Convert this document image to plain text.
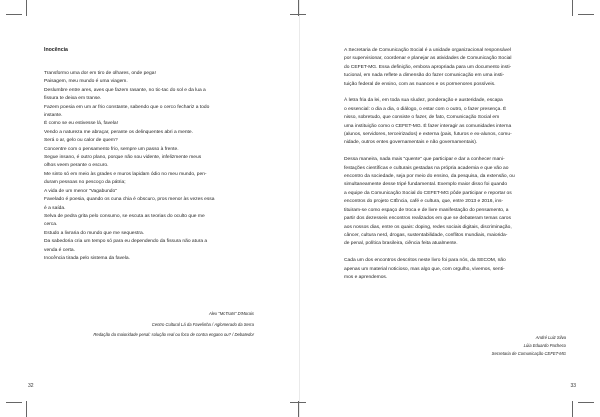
Inocência
Transformo uma dor em tiro de olhares, onde pega!
Paisagem, meu mundo é uma viagem.
Deslumbre entre ares, aves que fazem rasante, no tic-tac do sol e da lua a
fissura te deixa em transe.
Fazem poesia em um ar frio constante, sabendo que o cerco fechariz a todo
instante.
É como se eu estivesse lá, favela!
Vendo a natureza me abraçar, perante os delinquentes abri a mente.
Será o ar, gelo ou calor de quem?
Concentre com o pensamento frio, sempre um passo à frente.
Segue insano, é outro plano, porque não sou vidente, infelizmente meus
olhos veem perante o escuro.
Me sinto só em meio às grades e muros lapidam ódio no meu mundo, pen-
duram pessoas no pescoço da pátria;
A vida de um menor "Vagabundo"
Favelado é poesia, quando os cuna chia é obscuro, pros menor às vezes essa
é a saída.
Selva de pedra grita pelo consumo, se escuta as teorias do oculto que me
cerca.
Estudo a livraria do mundo que me sequestra.
Da sabedoria cria um tempo só para eu dependendo da fissura não atura a
venda é certa.
Inocência tirada pelo sistema da favela.
Alex "McTsaN" D'Morais
Centro Cultural Lá da Favelinha / Aglomerado da Serra
Redação da maioridade penal: solução real ou foco de contra engano ou? / Debatedor
32
A Secretaria de Comunicação Social é a unidade organizacional responsável
por supervisionar, coordenar e planejar as atividades de Comunicação Social
do CEFET-MG. Essa definição, embora apropriada para um documento insti-
tucional, em nada reflete a dimensão do fazer comunicação em uma insti-
tuição federal de ensino, com as nuances e os pormenores possíveis.
À letra fria da lei, em toda sua síudez, ponderação e austeridade, escapa
o essencial: o dia a dia, o diálogo, o estar com o outro, o fazer presença. É
nisso, sobretudo, que consiste o fazer, de fato, Comunicação Social em
uma instituição como o CEFET-MG. É fazer interagir as comunidades interna
(alunos, servidores, terceirizados) e externa (pais, futuros e ex-alunos, comu-
nidade, outros entes governamentais e não governamentais).
Dessa maneira, nada mais "quente" que participar e dar a conhecer mani-
festações científicas e culturais gestadas na própria academia e que vão ao
encontro da sociedade, seja por meio do ensino, da pesquisa, da extensão, ou
simultaneamente desse tripé fundamental. Exemplo maior disso foi quando
a equipe da Comunicação Social do CEFET-MG pôde participar e reportar os
encontros do projeto CIÊncia, café e cultura, que, entre 2013 e 2016, ins-
tituiram-se como espaço de troca e de livre manifestação do pensamento, a
partir dos dezesseis encontros realizados em que se debateram temas caros
aos nossos dias, entre os quais: doping, redes sociais digitais, discriminação,
câncer, cultura nerd, drogas, sustentabilidade, conflitos mundiais, maiorida-
de penal, política brasileira, ciência feita atualmente.
Cada um dos encontros descritos neste livro foi para nós, da SECOM, não
apenas um material noticioso, mas algo que, com orgulho, vivemos, senti-
mos e aprendemos.
André Luiz Silva
Lúia Eduardo Pacheco
Secretaria de Comunicação CEFET-MG
33
